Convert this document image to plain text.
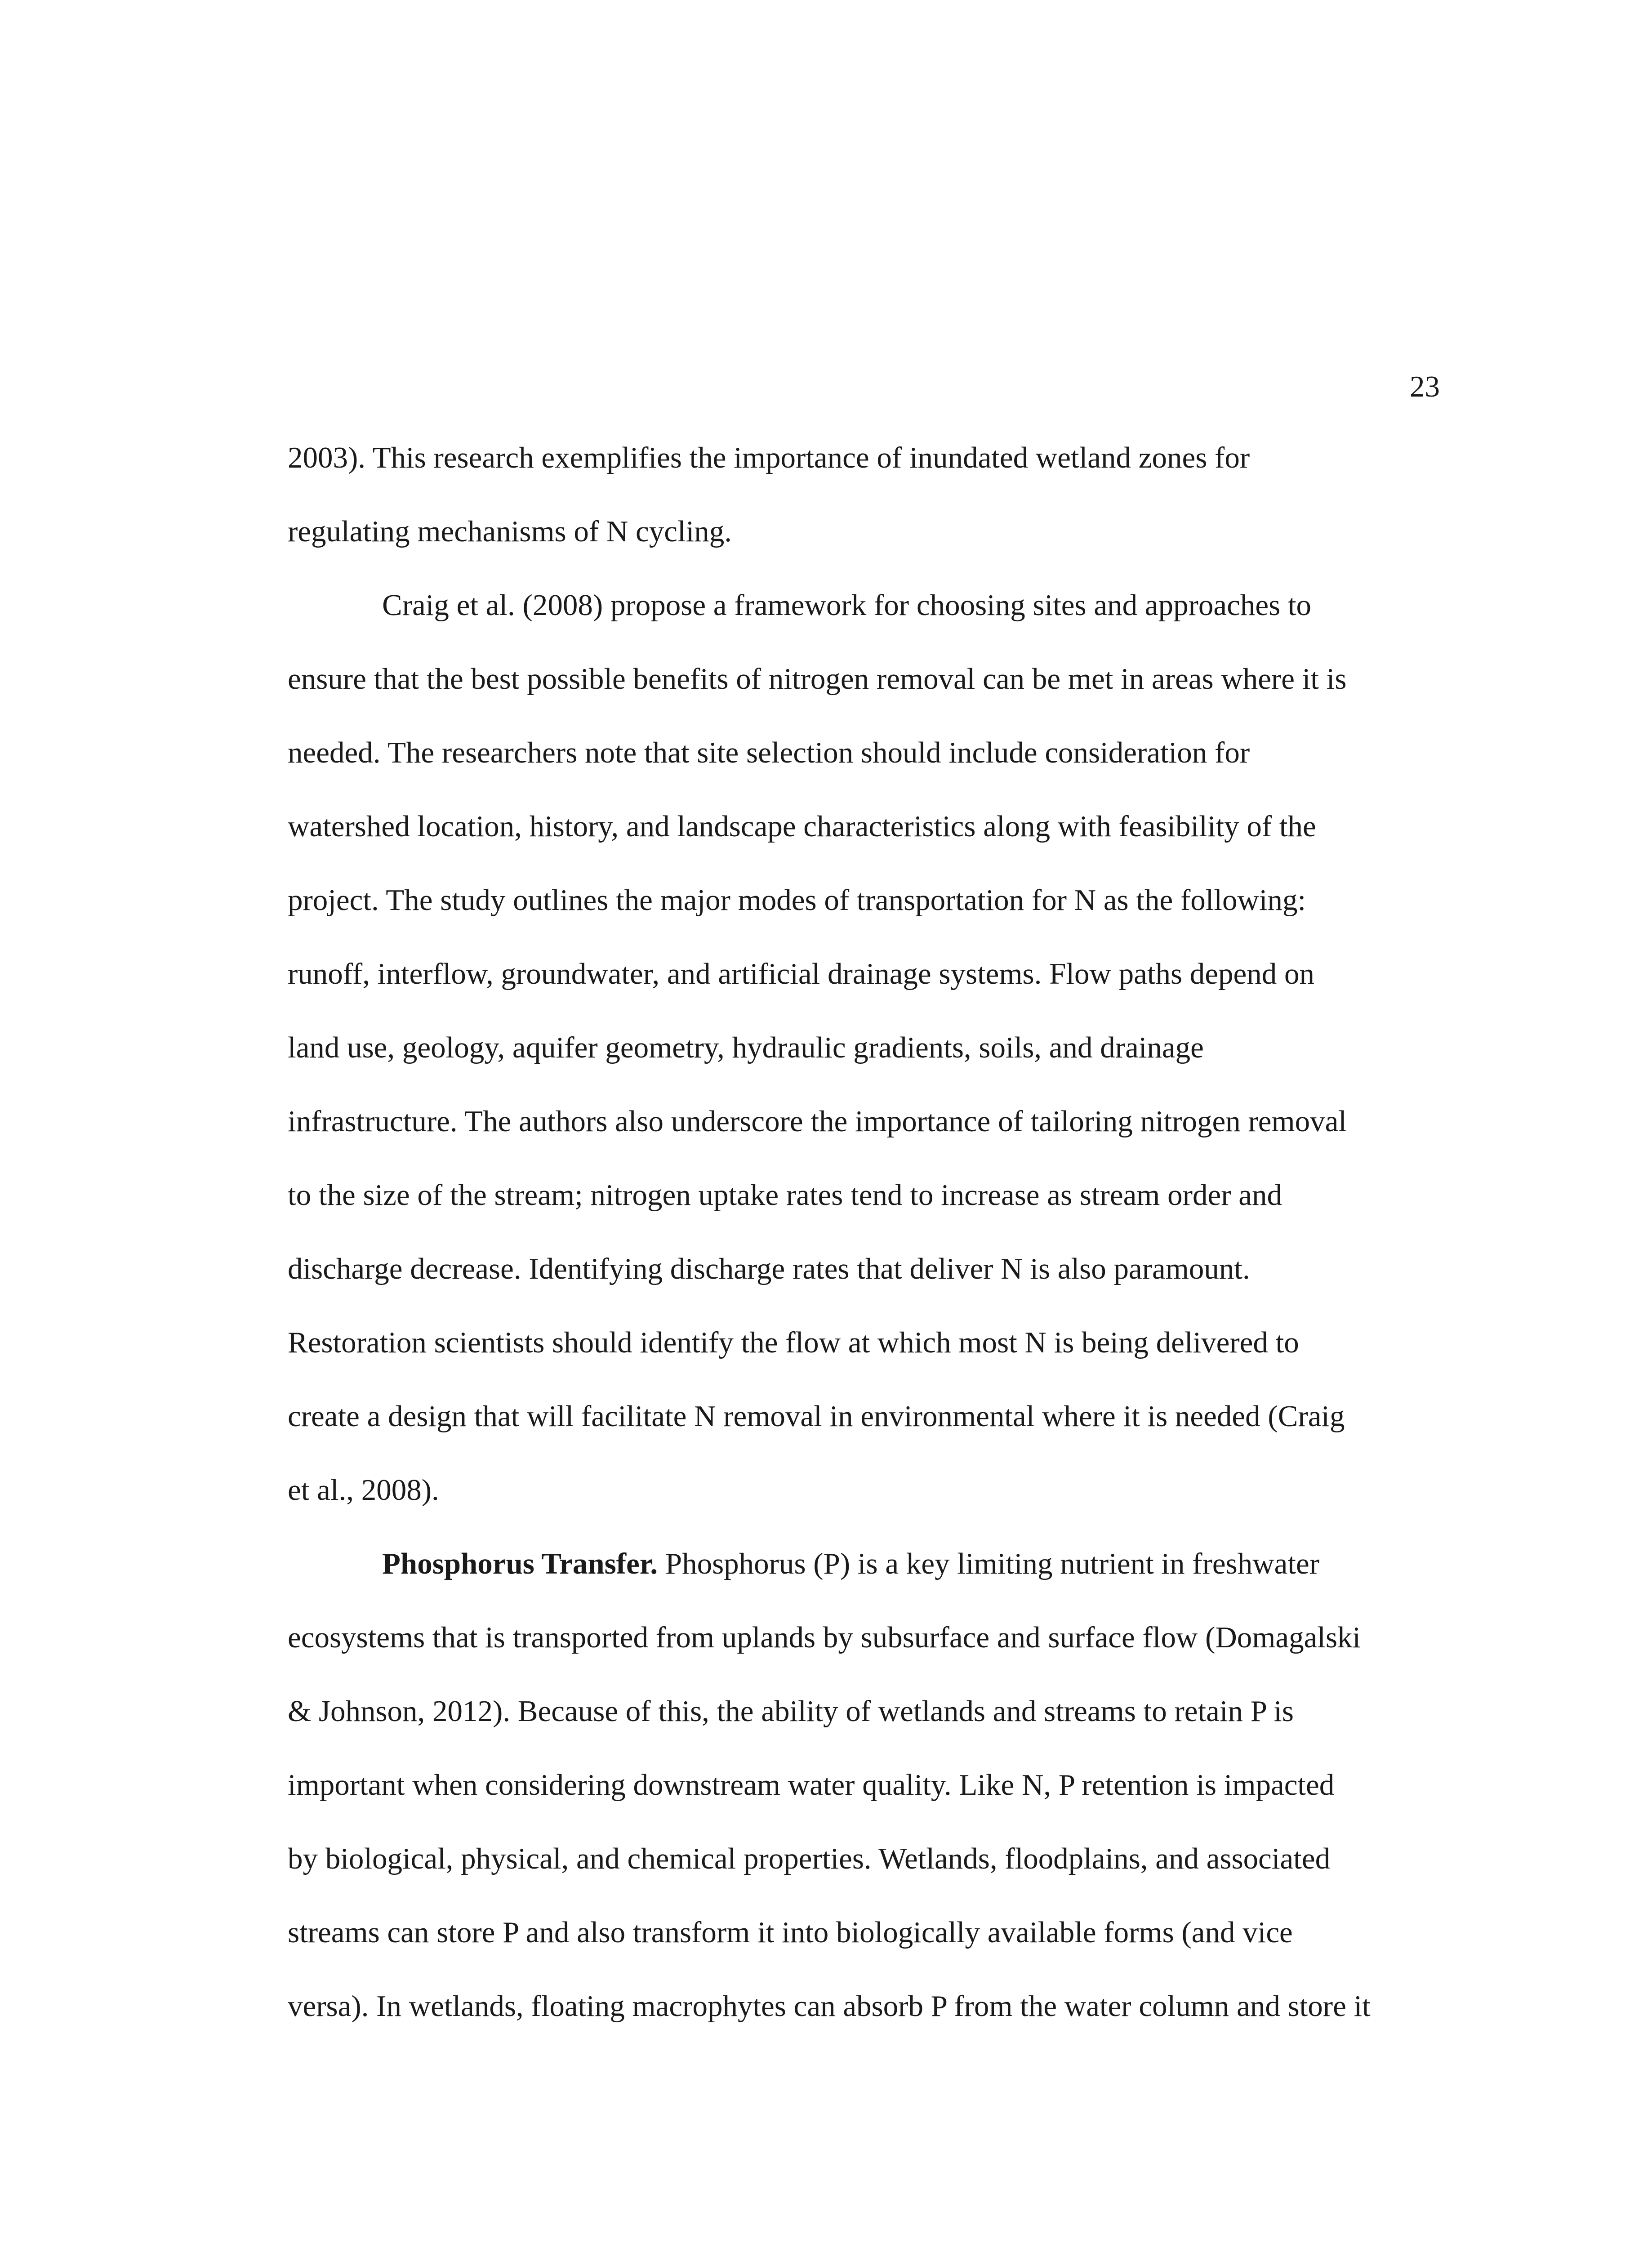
23
2003). This research exemplifies the importance of inundated wetland zones for
regulating mechanisms of N cycling.
Craig et al. (2008) propose a framework for choosing sites and approaches to
ensure that the best possible benefits of nitrogen removal can be met in areas where it is
needed. The researchers note that site selection should include consideration for
watershed location, history, and landscape characteristics along with feasibility of the
project. The study outlines the major modes of transportation for N as the following:
runoff, interflow, groundwater, and artificial drainage systems. Flow paths depend on
land use, geology, aquifer geometry, hydraulic gradients, soils, and drainage
infrastructure. The authors also underscore the importance of tailoring nitrogen removal
to the size of the stream; nitrogen uptake rates tend to increase as stream order and
discharge decrease. Identifying discharge rates that deliver N is also paramount.
Restoration scientists should identify the flow at which most N is being delivered to
create a design that will facilitate N removal in environmental where it is needed (Craig
et al., 2008).
Phosphorus Transfer. Phosphorus (P) is a key limiting nutrient in freshwater
ecosystems that is transported from uplands by subsurface and surface flow (Domagalski
& Johnson, 2012). Because of this, the ability of wetlands and streams to retain P is
important when considering downstream water quality. Like N, P retention is impacted
by biological, physical, and chemical properties. Wetlands, floodplains, and associated
streams can store P and also transform it into biologically available forms (and vice
versa). In wetlands, floating macrophytes can absorb P from the water column and store it
